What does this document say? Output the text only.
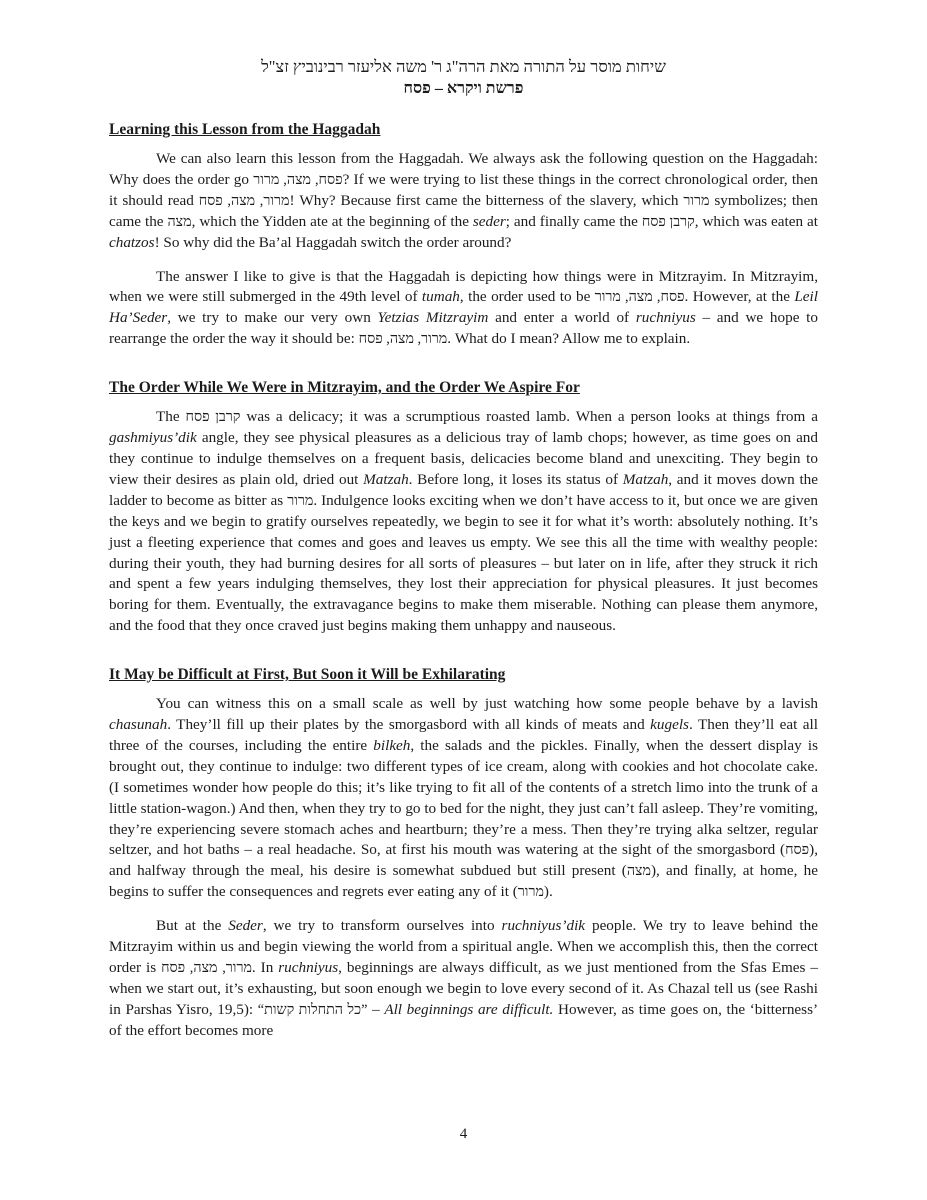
שיחות מוסר על התורה מאת הרה"ג ר' משה אליעזר רבינוביץ זצ"ל
פרשת ויקרא – פסח
Learning this Lesson from the Haggadah

We can also learn this lesson from the Haggadah. We always ask the following question on the Haggadah: Why does the order go פסח, מצה, מרור? If we were trying to list these things in the correct chronological order, then it should read מרור, מצה, פסח! Why? Because first came the bitterness of the slavery, which מרור symbolizes; then came the מצה, which the Yidden ate at the beginning of the seder; and finally came the קרבן פסח, which was eaten at chatzos! So why did the Ba’al Haggadah switch the order around?

The answer I like to give is that the Haggadah is depicting how things were in Mitzrayim. In Mitzrayim, when we were still submerged in the 49th level of tumah, the order used to be פסח, מצה, מרור. However, at the Leil Ha’Seder, we try to make our very own Yetzias Mitzrayim and enter a world of ruchniyus – and we hope to rearrange the order the way it should be: מרור, מצה, פסח. What do I mean? Allow me to explain.

The Order While We Were in Mitzrayim, and the Order We Aspire For

The קרבן פסח was a delicacy; it was a scrumptious roasted lamb. When a person looks at things from a gashmiyus’dik angle, they see physical pleasures as a delicious tray of lamb chops; however, as time goes on and they continue to indulge themselves on a frequent basis, delicacies become bland and unexciting. They begin to view their desires as plain old, dried out Matzah. Before long, it loses its status of Matzah, and it moves down the ladder to become as bitter as מרור. Indulgence looks exciting when we don’t have access to it, but once we are given the keys and we begin to gratify ourselves repeatedly, we begin to see it for what it’s worth: absolutely nothing. It’s just a fleeting experience that comes and goes and leaves us empty. We see this all the time with wealthy people: during their youth, they had burning desires for all sorts of pleasures – but later on in life, after they struck it rich and spent a few years indulging themselves, they lost their appreciation for physical pleasures. It just becomes boring for them. Eventually, the extravagance begins to make them miserable. Nothing can please them anymore, and the food that they once craved just begins making them unhappy and nauseous.

It May be Difficult at First, But Soon it Will be Exhilarating

You can witness this on a small scale as well by just watching how some people behave by a lavish chasunah. They’ll fill up their plates by the smorgasbord with all kinds of meats and kugels. Then they’ll eat all three of the courses, including the entire bilkeh, the salads and the pickles. Finally, when the dessert display is brought out, they continue to indulge: two different types of ice cream, along with cookies and hot chocolate cake. (I sometimes wonder how people do this; it’s like trying to fit all of the contents of a stretch limo into the trunk of a little station-wagon.) And then, when they try to go to bed for the night, they just can’t fall asleep. They’re vomiting, they’re experiencing severe stomach aches and heartburn; they’re a mess. Then they’re trying alka seltzer, regular seltzer, and hot baths – a real headache. So, at first his mouth was watering at the sight of the smorgasbord (פסח), and halfway through the meal, his desire is somewhat subdued but still present (מצה), and finally, at home, he begins to suffer the consequences and regrets ever eating any of it (מרור).

But at the Seder, we try to transform ourselves into ruchniyus’dik people. We try to leave behind the Mitzrayim within us and begin viewing the world from a spiritual angle. When we accomplish this, then the correct order is מרור, מצה, פסח. In ruchniyus, beginnings are always difficult, as we just mentioned from the Sfas Emes – when we start out, it’s exhausting, but soon enough we begin to love every second of it. As Chazal tell us (see Rashi in Parshas Yisro, 19,5): “כל התחלות קשות” – All beginnings are difficult. However, as time goes on, the ‘bitterness’ of the effort becomes more

4
